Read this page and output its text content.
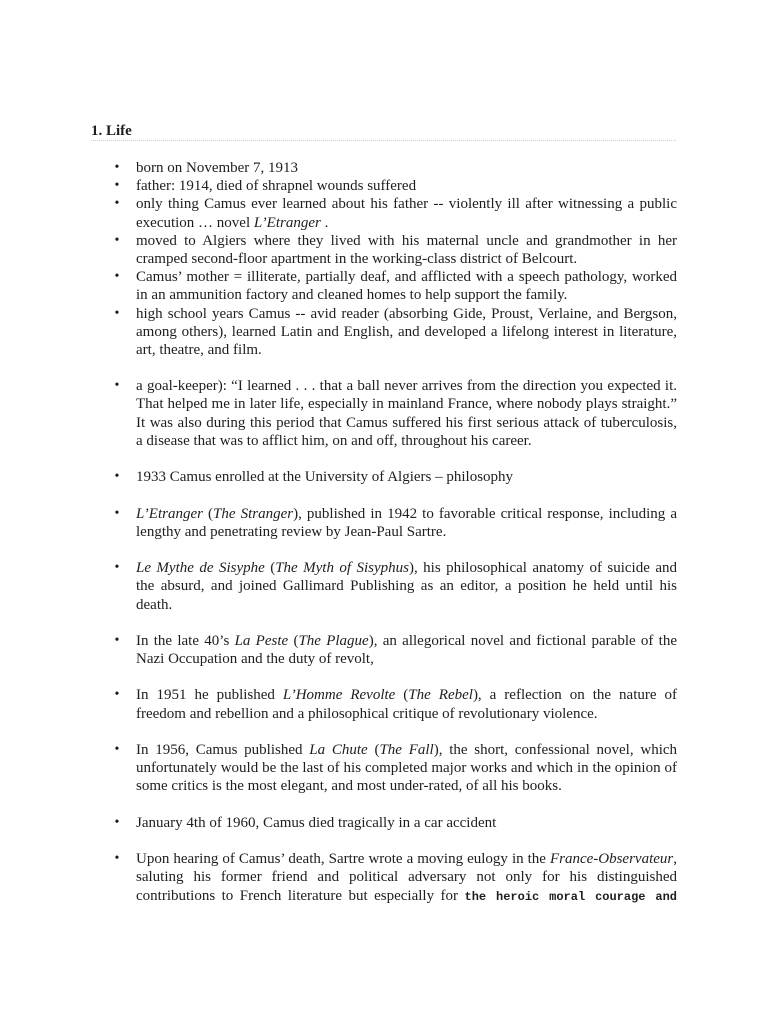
1. Life
• born on November 7, 1913
• father: 1914, died of shrapnel wounds suffered
• only thing Camus ever learned about his father -- violently ill after witnessing a public
execution … novel L’Etranger .
• moved to Algiers where they lived with his maternal uncle and grandmother in her
cramped second-floor apartment in the working-class district of Belcourt.
• Camus’ mother = illiterate, partially deaf, and afflicted with a speech pathology, worked
in an ammunition factory and cleaned homes to help support the family.
• high school years Camus -- avid reader (absorbing Gide, Proust, Verlaine, and Bergson,
among others), learned Latin and English, and developed a lifelong interest in literature,
art, theatre, and film.
• a goal-keeper): “I learned . . . that a ball never arrives from the direction you expected it.
That helped me in later life, especially in mainland France, where nobody plays straight.”
It was also during this period that Camus suffered his first serious attack of tuberculosis,
a disease that was to afflict him, on and off, throughout his career.
• 1933 Camus enrolled at the University of Algiers – philosophy
• L’Etranger (The Stranger), published in 1942 to favorable critical response, including a
lengthy and penetrating review by Jean-Paul Sartre.
• Le Mythe de Sisyphe (The Myth of Sisyphus), his philosophical anatomy of suicide and
the absurd, and joined Gallimard Publishing as an editor, a position he held until his
death.
• In the late 40’s La Peste (The Plague), an allegorical novel and fictional parable of the
Nazi Occupation and the duty of revolt,
• In 1951 he published L’Homme Revolte (The Rebel), a reflection on the nature of
freedom and rebellion and a philosophical critique of revolutionary violence.
• In 1956, Camus published La Chute (The Fall), the short, confessional novel, which
unfortunately would be the last of his completed major works and which in the opinion of
some critics is the most elegant, and most under-rated, of all his books.
• January 4th of 1960, Camus died tragically in a car accident
• Upon hearing of Camus’ death, Sartre wrote a moving eulogy in the France-Observateur,
saluting his former friend and political adversary not only for his distinguished
contributions to French literature but especially for the heroic moral courage and
